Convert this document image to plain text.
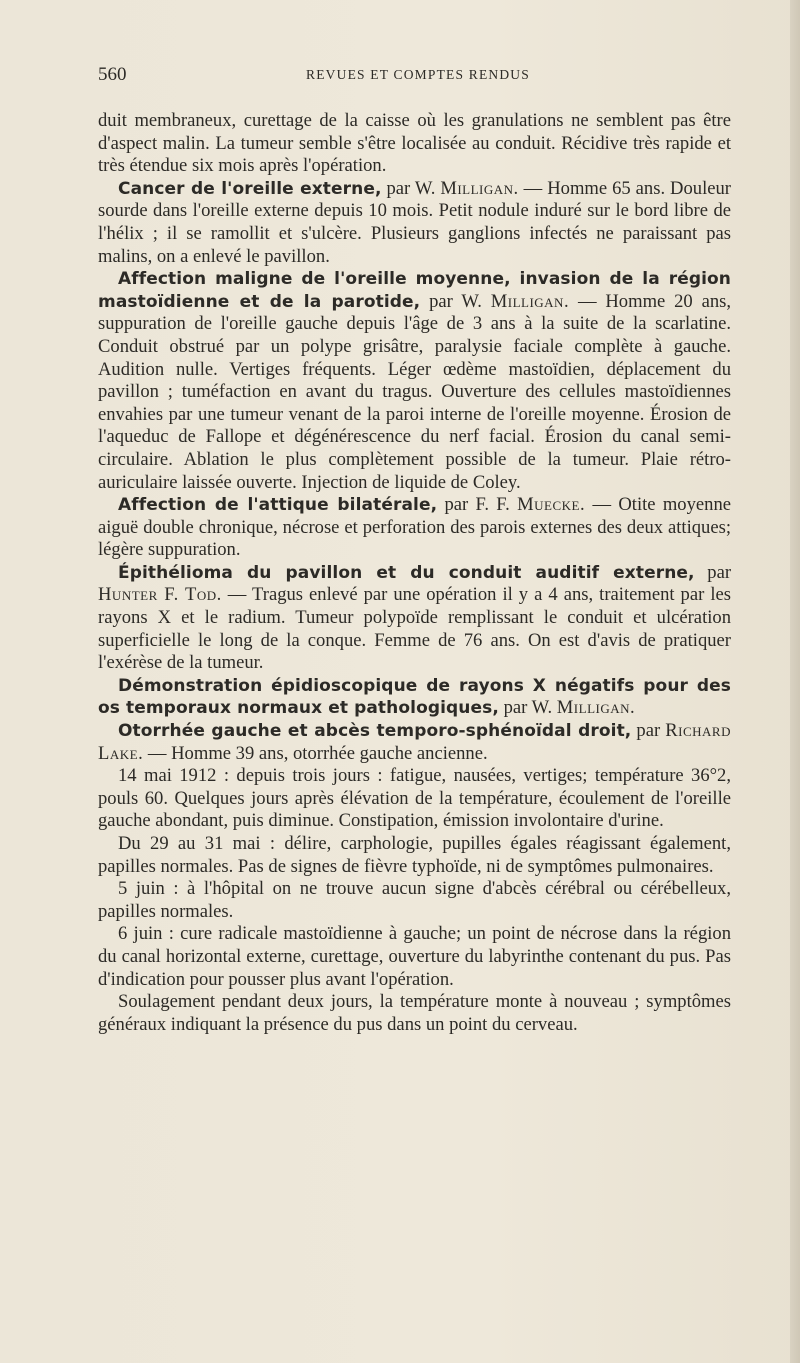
560	REVUES ET COMPTES RENDUS

duit membraneux, curettage de la caisse où les granulations ne semblent pas être d'aspect malin. La tumeur semble s'être localisée au conduit. Récidive très rapide et très étendue six mois après l'opération.

Cancer de l'oreille externe, par W. Milligan. — Homme 65 ans. Douleur sourde dans l'oreille externe depuis 10 mois. Petit nodule induré sur le bord libre de l'hélix ; il se ramollit et s'ulcère. Plusieurs ganglions infectés ne paraissant pas malins, on a enlevé le pavillon.

Affection maligne de l'oreille moyenne, invasion de la région mastoïdienne et de la parotide, par W. Milligan. — Homme 20 ans, suppuration de l'oreille gauche depuis l'âge de 3 ans à la suite de la scarlatine. Conduit obstrué par un polype grisâtre, paralysie faciale complète à gauche. Audition nulle. Vertiges fréquents. Léger œdème mastoïdien, déplacement du pavillon ; tuméfaction en avant du tragus. Ouverture des cellules mastoïdiennes envahies par une tumeur venant de la paroi interne de l'oreille moyenne. Érosion de l'aqueduc de Fallope et dégénérescence du nerf facial. Érosion du canal semi-circulaire. Ablation le plus complètement possible de la tumeur. Plaie rétro-auriculaire laissée ouverte. Injection de liquide de Coley.

Affection de l'attique bilatérale, par F. F. Muecke. — Otite moyenne aiguë double chronique, nécrose et perforation des parois externes des deux attiques; légère suppuration.

Épithélioma du pavillon et du conduit auditif externe, par Hunter F. Tod. — Tragus enlevé par une opération il y a 4 ans, traitement par les rayons X et le radium. Tumeur polypoïde remplissant le conduit et ulcération superficielle le long de la conque. Femme de 76 ans. On est d'avis de pratiquer l'exérèse de la tumeur.

Démonstration épidioscopique de rayons X négatifs pour des os temporaux normaux et pathologiques, par W. Milligan.

Otorrhée gauche et abcès temporo-sphénoïdal droit, par Richard Lake. — Homme 39 ans, otorrhée gauche ancienne.

14 mai 1912 : depuis trois jours : fatigue, nausées, vertiges; température 36°2, pouls 60. Quelques jours après élévation de la température, écoulement de l'oreille gauche abondant, puis diminue. Constipation, émission involontaire d'urine.

Du 29 au 31 mai : délire, carphologie, pupilles égales réagissant également, papilles normales. Pas de signes de fièvre typhoïde, ni de symptômes pulmonaires.

5 juin : à l'hôpital on ne trouve aucun signe d'abcès cérébral ou cérébelleux, papilles normales.

6 juin : cure radicale mastoïdienne à gauche; un point de nécrose dans la région du canal horizontal externe, curettage, ouverture du labyrinthe contenant du pus. Pas d'indication pour pousser plus avant l'opération.

Soulagement pendant deux jours, la température monte à nouveau ; symptômes généraux indiquant la présence du pus dans un point du cerveau.
